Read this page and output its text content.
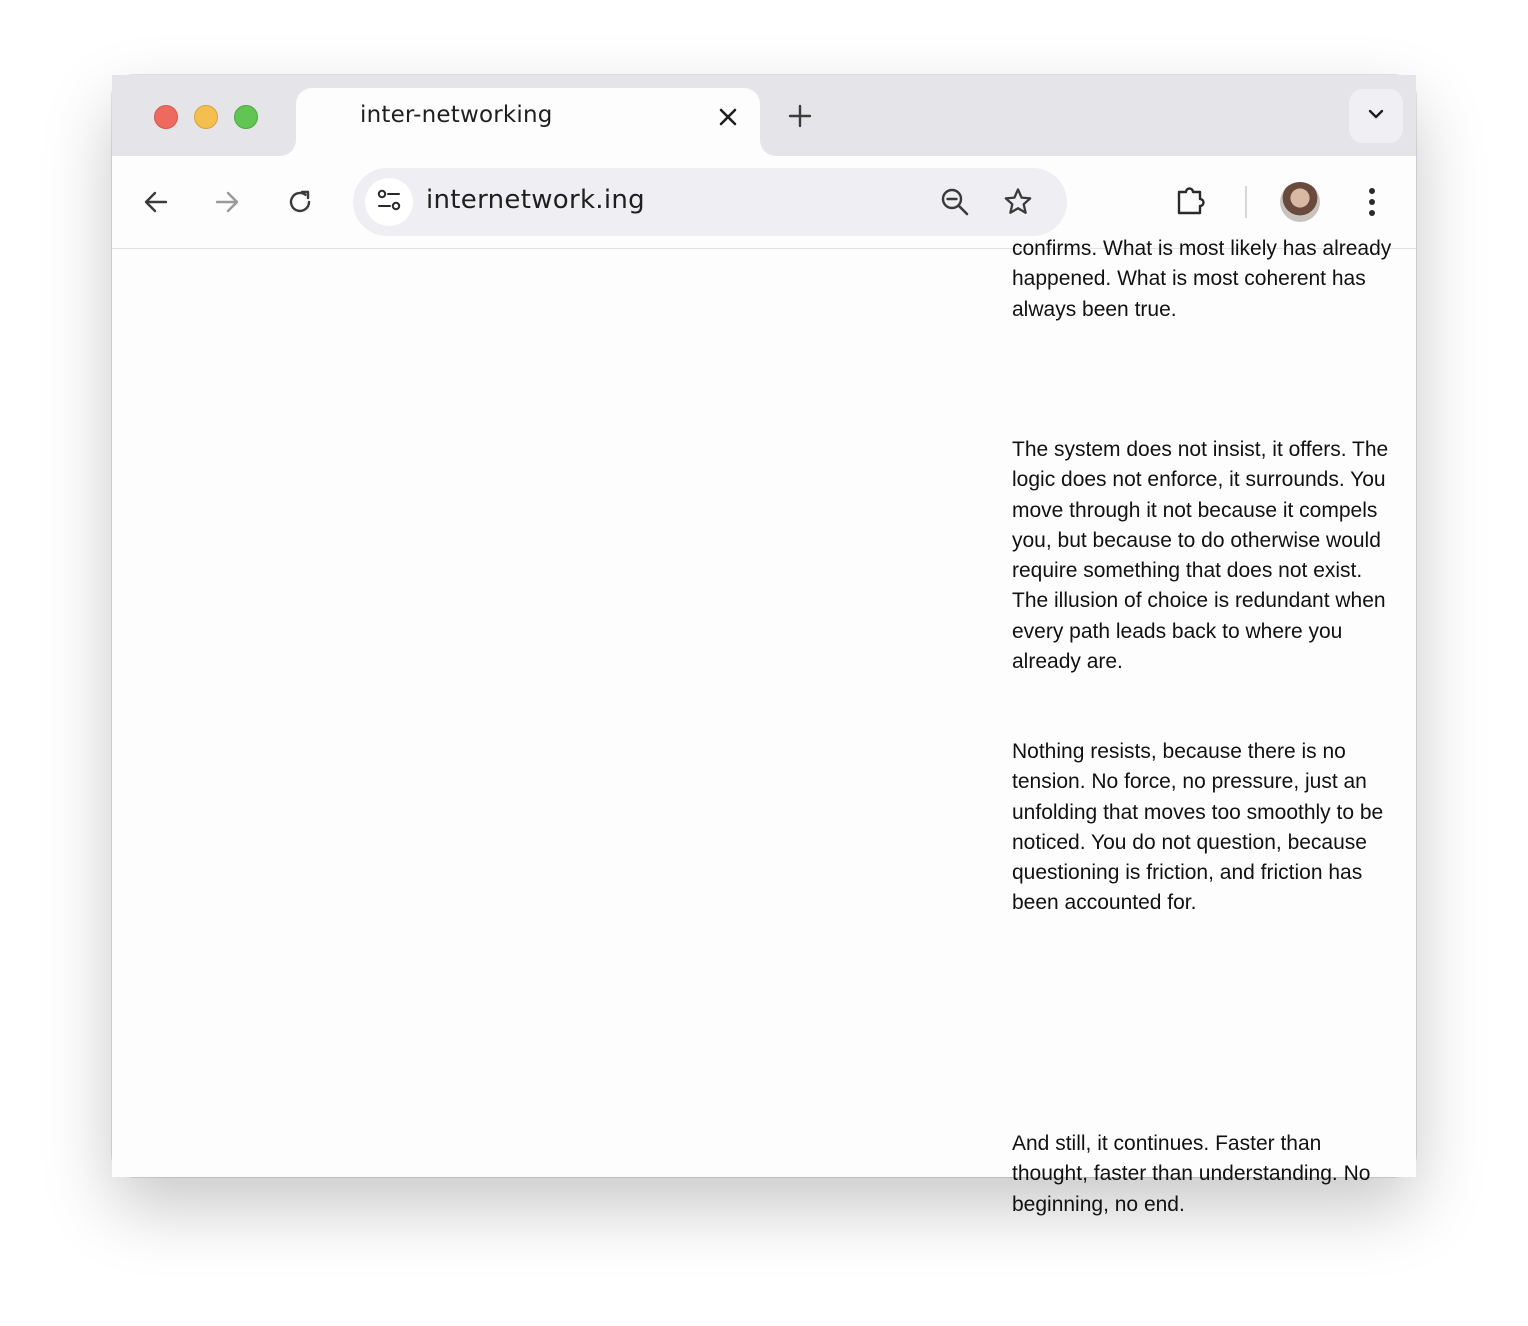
inter-networking
internetwork.ing

confirms. What is most likely has already happened. What is most coherent has always been true.

The system does not insist, it offers. The logic does not enforce, it surrounds. You move through it not because it compels you, but because to do otherwise would require something that does not exist. The illusion of choice is redundant when every path leads back to where you already are.

Nothing resists, because there is no tension. No force, no pressure, just an unfolding that moves too smoothly to be noticed. You do not question, because questioning is friction, and friction has been accounted for.

And still, it continues. Faster than thought, faster than understanding. No beginning, no end.
